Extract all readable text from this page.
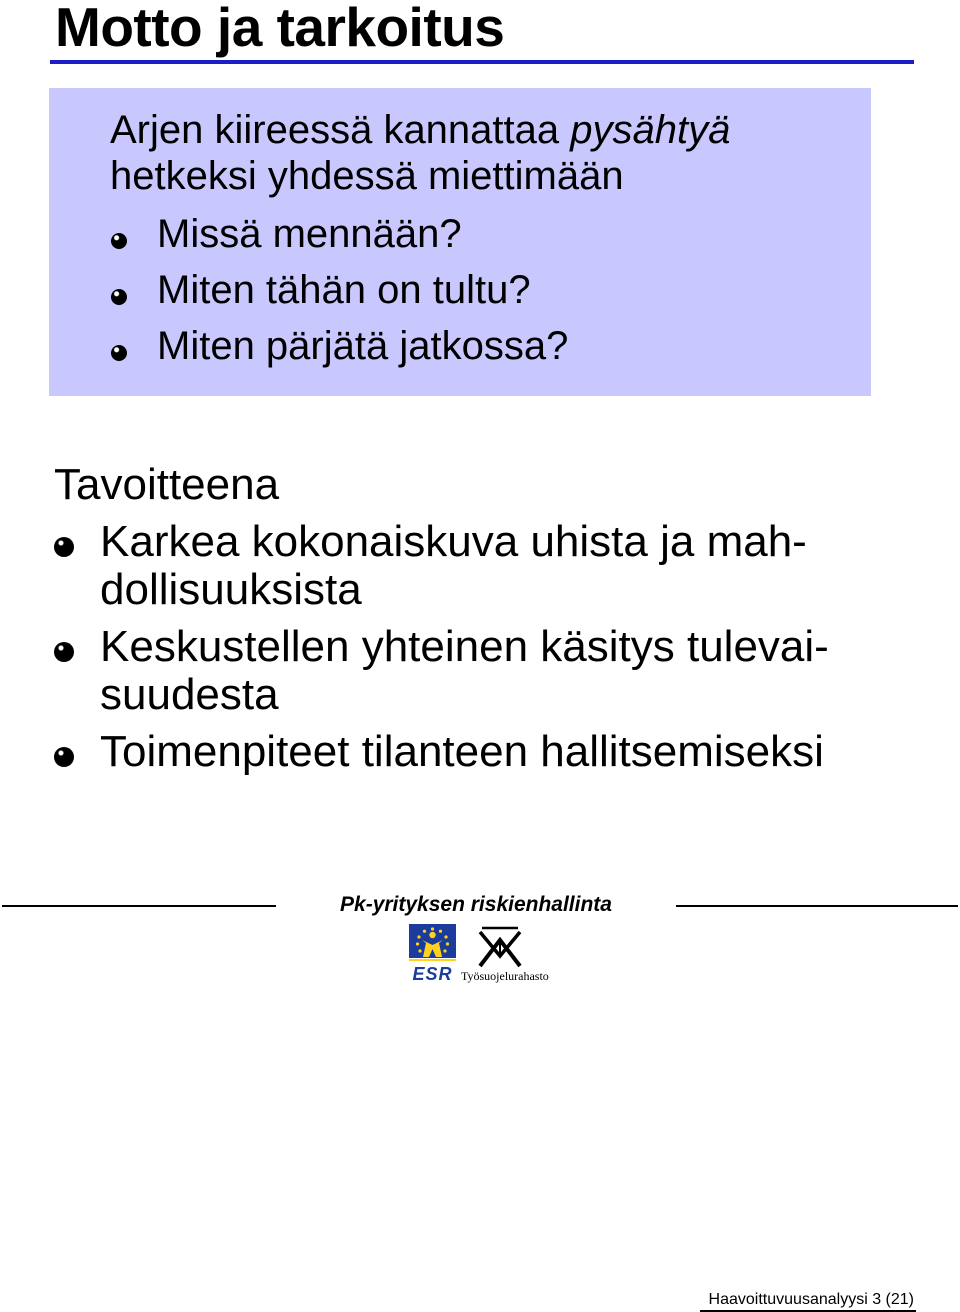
Motto ja tarkoitus
Arjen kiireessä kannattaa pysähtyä
hetkeksi yhdessä miettimään
Missä mennään?
Miten tähän on tultu?
Miten pärjätä jatkossa?
Tavoitteena
Karkea kokonaiskuva uhista ja mah-
dollisuuksista
Keskustellen yhteinen käsitys tulevai-
suudesta
Toimenpiteet tilanteen hallitsemiseksi
Pk-yrityksen riskienhallinta
ESR Työsuojelurahasto
Haavoittuvuusanalyysi 3 (21)
